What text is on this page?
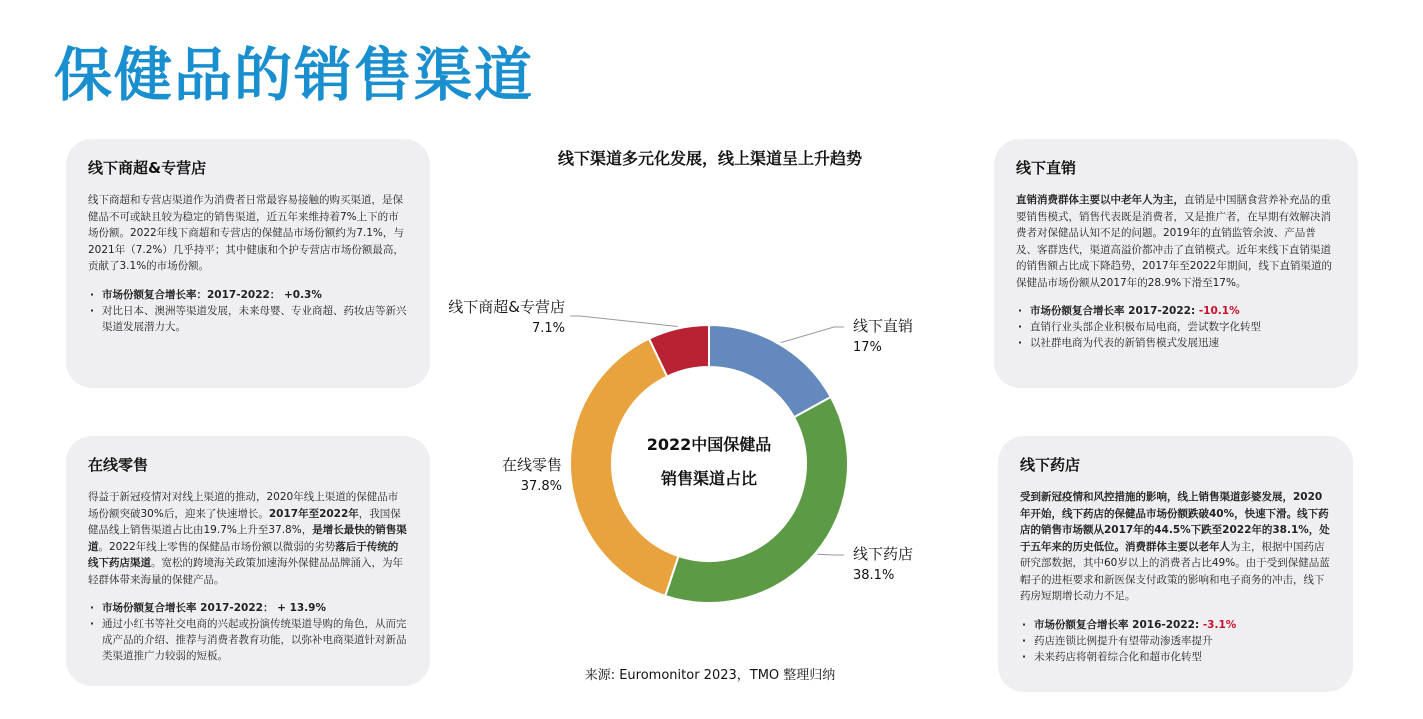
保健品的销售渠道
线下商超&专营店

线下商超和专营店渠道作为消费者日常最容易接触的购买渠道，是保健品不可或缺且较为稳定的销售渠道，近五年来维持着7%上下的市场份额。2022年线下商超和专营店的保健品市场份额约为7.1%，与2021年（7.2%）几乎持平；其中健康和个护专营店市场份额最高，贡献了3.1%的市场份额。

· 市场份额复合增长率：2017-2022： +0.3%
· 对比日本、澳洲等渠道发展，未来母婴、专业商超、药妆店等新兴渠道发展潜力大。
在线零售

得益于新冠疫情对对线上渠道的推动，2020年线上渠道的保健品市场份额突破30%后，迎来了快速增长。2017年至2022年，我国保健品线上销售渠道占比由19.7%上升至37.8%，是增长最快的销售渠道。2022年线上零售的保健品市场份额以微弱的劣势落后于传统的线下药店渠道。宽松的跨境海关政策加速海外保健品品牌涌入，为年轻群体带来海量的保健产品。

· 市场份额复合增长率 2017-2022： + 13.9%
· 通过小红书等社交电商的兴起或扮演传统渠道导购的角色，从而完成产品的介绍、推荐与消费者教育功能，以弥补电商渠道针对新品类渠道推广力较弱的短板。
线下直销

直销消费群体主要以中老年人为主，直销是中国膳食营养补充品的重要销售模式，销售代表既是消费者，又是推广者，在早期有效解决消费者对保健品认知不足的问题。2019年的直销监管余波、产品普及、客群迭代，渠道高溢价都冲击了直销模式。近年来线下直销渠道的销售额占比成下降趋势，2017年至2022年期间，线下直销渠道的保健品市场份额从2017年的28.9%下滑至17%。

· 市场份额复合增长率 2017-2022: -10.1%
· 直销行业头部企业积极布局电商，尝试数字化转型
· 以社群电商为代表的新销售模式发展迅速
线下药店

受到新冠疫情和风控措施的影响，线上销售渠道彭婆发展，2020年开始，线下药店的保健品市场份额跌破40%，快速下滑。线下药店的销售市场额从2017年的44.5%下跌至2022年的38.1%，处于五年来的历史低位。消费群体主要以老年人为主，根据中国药店研究部数据，其中60岁以上的消费者占比49%。由于受到保健品蓝帽子的进柜要求和新医保支付政策的影响和电子商务的冲击，线下药房短期增长动力不足。

· 市场份额复合增长率 2016-2022: -3.1%
· 药店连锁比例提升有望带动渗透率提升
· 未来药店将朝着综合化和超市化转型
线下渠道多元化发展，线上渠道呈上升趋势
线下直销
17%
线下药店
38.1%
在线零售
37.8%
线下商超&专营店
7.1%
2022中国保健品
销售渠道占比
来源: Euromonitor 2023，TMO 整理归纳
